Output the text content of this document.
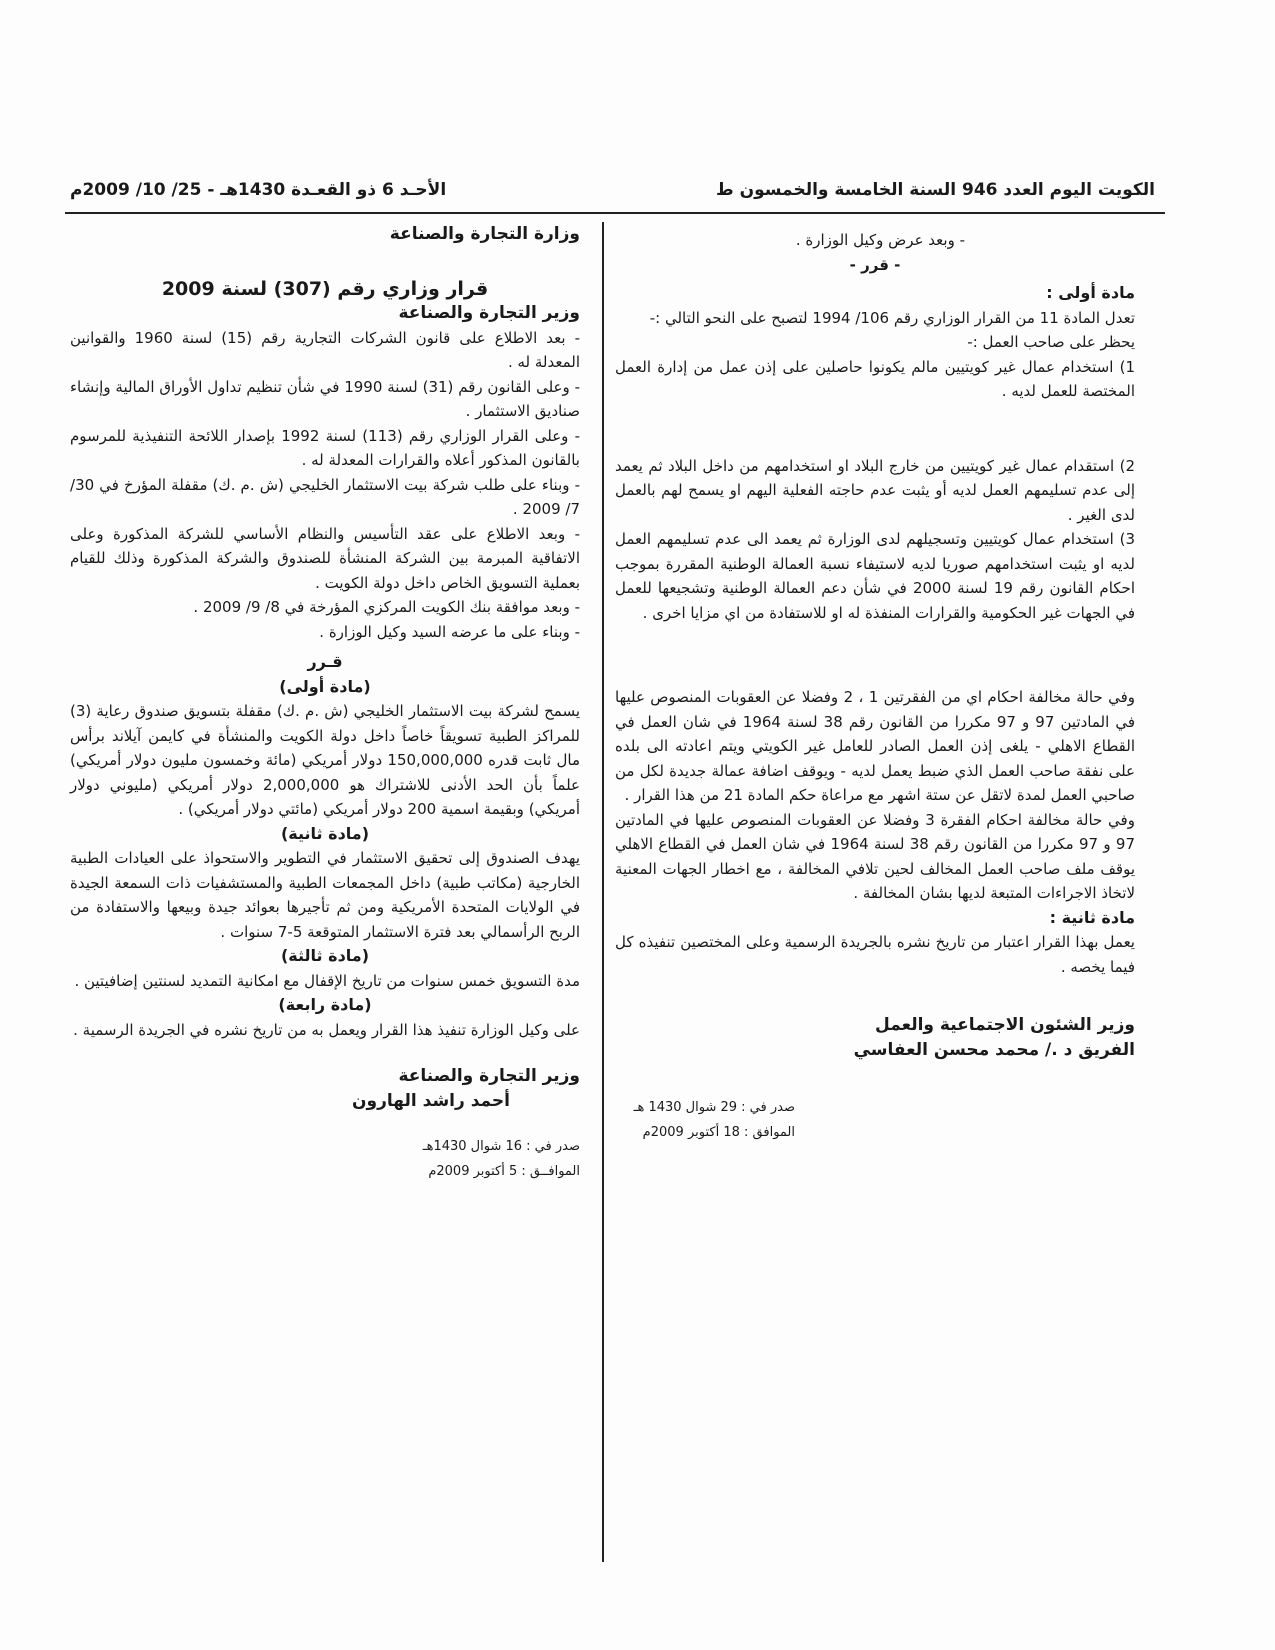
الكويت اليوم العدد 946 السنة الخامسة والخمسون ط
الأحـد 6 ذو القعـدة 1430هـ - 25/ 10/ 2009م

- وبعد عرض وكيل الوزارة .

- قرر -

مادة أولى :

تعدل المادة 11 من القرار الوزاري رقم 106/ 1994 لتصبح على النحو التالي :-

يحظر على صاحب العمل :-

1) استخدام عمال غير كويتيين مالم يكونوا حاصلين على إذن عمل من إدارة العمل المختصة للعمل لديه .

2) استقدام عمال غير كويتيين من خارج البلاد او استخدامهم من داخل البلاد ثم يعمد إلى عدم تسليمهم العمل لديه أو يثبت عدم حاجته الفعلية اليهم او يسمح لهم بالعمل لدى الغير .

3) استخدام عمال كويتيين وتسجيلهم لدى الوزارة ثم يعمد الى عدم تسليمهم العمل لديه او يثبت استخدامهم صوريا لديه لاستيفاء نسبة العمالة الوطنية المقررة بموجب احكام القانون رقم 19 لسنة 2000 في شأن دعم العمالة الوطنية وتشجيعها للعمل في الجهات غير الحكومية والقرارات المنفذة له او للاستفادة من اي مزايا اخرى .

وفي حالة مخالفة احكام اي من الفقرتين 1 ، 2 وفضلا عن العقوبات المنصوص عليها في المادتين 97 و 97 مكررا من القانون رقم 38 لسنة 1964 في شان العمل في القطاع الاهلي - يلغى إذن العمل الصادر للعامل غير الكويتي ويتم اعادته الى بلده على نفقة صاحب العمل الذي ضبط يعمل لديه - ويوقف اضافة عمالة جديدة لكل من صاحبي العمل لمدة لاتقل عن ستة اشهر مع مراعاة حكم المادة 21 من هذا القرار .

وفي حالة مخالفة احكام الفقرة 3 وفضلا عن العقوبات المنصوص عليها في المادتين 97 و 97 مكررا من القانون رقم 38 لسنة 1964 في شان العمل في القطاع الاهلي يوقف ملف صاحب العمل المخالف لحين تلافي المخالفة ، مع اخطار الجهات المعنية لاتخاذ الاجراءات المتبعة لديها بشان المخالفة .

مادة ثانية :

يعمل بهذا القرار اعتبار من تاريخ نشره بالجريدة الرسمية وعلى المختصين تنفيذه كل فيما يخصه .

وزير الشئون الاجتماعية والعمل

الفريق د ./ محمد محسن العفاسي

صدر في : 29 شوال 1430 هـ

الموافق : 18 أكتوبر 2009م

وزارة التجارة والصناعة

قرار وزاري رقم (307) لسنة 2009

وزير التجارة والصناعة

- بعد الاطلاع على قانون الشركات التجارية رقم (15) لسنة 1960 والقوانين المعدلة له .

- وعلى القانون رقم (31) لسنة 1990 في شأن تنظيم تداول الأوراق المالية وإنشاء صناديق الاستثمار .

- وعلى القرار الوزاري رقم (113) لسنة 1992 بإصدار اللائحة التنفيذية للمرسوم بالقانون المذكور أعلاه والقرارات المعدلة له .

- وبناء على طلب شركة بيت الاستثمار الخليجي (ش .م .ك) مقفلة المؤرخ في 30/ 7/ 2009 .

- وبعد الاطلاع على عقد التأسيس والنظام الأساسي للشركة المذكورة وعلى الاتفاقية المبرمة بين الشركة المنشأة للصندوق والشركة المذكورة وذلك للقيام بعملية التسويق الخاص داخل دولة الكويت .

- وبعد موافقة بنك الكويت المركزي المؤرخة في 8/ 9/ 2009 .

- وبناء على ما عرضه السيد وكيل الوزارة .

قـرر

(مادة أولى)

يسمح لشركة بيت الاستثمار الخليجي (ش .م .ك) مقفلة بتسويق صندوق رعاية (3) للمراكز الطبية تسويقاً خاصاً داخل دولة الكويت والمنشأة في كايمن آيلاند برأس مال ثابت قدره 150,000,000 دولار أمريكي (مائة وخمسون مليون دولار أمريكي) علماً بأن الحد الأدنى للاشتراك هو 2,000,000 دولار أمريكي (مليوني دولار أمريكي) وبقيمة اسمية 200 دولار أمريكي (مائتي دولار أمريكي) .

(مادة ثانية)

يهدف الصندوق إلى تحقيق الاستثمار في التطوير والاستحواذ على العيادات الطبية الخارجية (مكاتب طبية) داخل المجمعات الطبية والمستشفيات ذات السمعة الجيدة في الولايات المتحدة الأمريكية ومن ثم تأجيرها بعوائد جيدة وبيعها والاستفادة من الربح الرأسمالي بعد فترة الاستثمار المتوقعة 5-7 سنوات .

(مادة ثالثة)

مدة التسويق خمس سنوات من تاريخ الإقفال مع امكانية التمديد لسنتين إضافيتين .

(مادة رابعة)

على وكيل الوزارة تنفيذ هذا القرار ويعمل به من تاريخ نشره في الجريدة الرسمية .

وزير التجارة والصناعة

أحمد راشد الهارون

صدر في : 16 شوال 1430هـ

الموافــق : 5 أكتوبر 2009م
